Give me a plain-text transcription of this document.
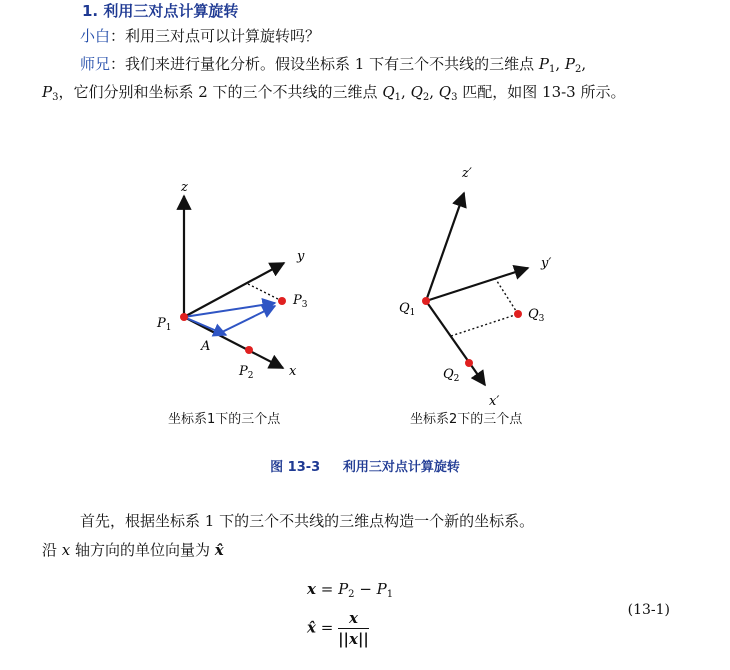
1. 利用三对点计算旋转
小白：利用三对点可以计算旋转吗？
师兄：我们来进行量化分析。假设坐标系 1 下有三个不共线的三维点 $P_1$, $P_2$,
$P_3$，它们分别和坐标系 2 下的三个不共线的三维点 $Q_1$, $Q_2$, $Q_3$ 匹配，如图 13-3 所示。
z
y
x
$P_1$
$P_2$
$P_3$
A
z′
y′
x′
$Q_1$
$Q_2$
$Q_3$
坐标系1下的三个点	坐标系2下的三个点
图 13-3     利用三对点计算旋转
首先，根据坐标系 1 下的三个不共线的三维点构造一个新的坐标系。
沿 x 轴方向的单位向量为 x̂
$x = P_2 - P_1$
x̂ = $\frac{x}{||x||}$	(13-1)
